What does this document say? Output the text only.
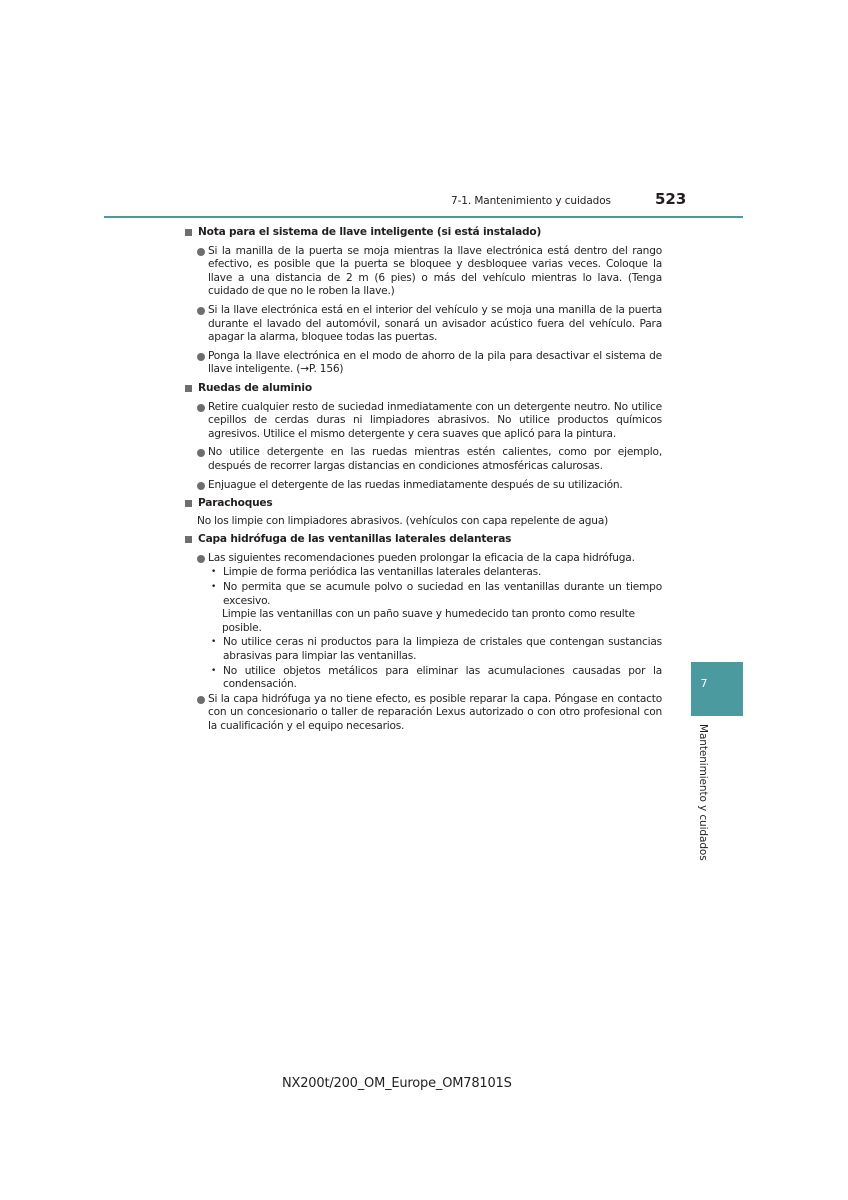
7-1. Mantenimiento y cuidados	523
Nota para el sistema de llave inteligente (si está instalado)
Si la manilla de la puerta se moja mientras la llave electrónica está dentro del rango efectivo, es posible que la puerta se bloquee y desbloquee varias veces. Coloque la llave a una distancia de 2 m (6 pies) o más del vehículo mientras lo lava. (Tenga cuidado de que no le roben la llave.)
Si la llave electrónica está en el interior del vehículo y se moja una manilla de la puerta durante el lavado del automóvil, sonará un avisador acústico fuera del vehículo. Para apagar la alarma, bloquee todas las puertas.
Ponga la llave electrónica en el modo de ahorro de la pila para desactivar el sistema de llave inteligente. (→P. 156)
Ruedas de aluminio
Retire cualquier resto de suciedad inmediatamente con un detergente neutro. No utilice cepillos de cerdas duras ni limpiadores abrasivos. No utilice productos químicos agresivos. Utilice el mismo detergente y cera suaves que aplicó para la pintura.
No utilice detergente en las ruedas mientras estén calientes, como por ejemplo, después de recorrer largas distancias en condiciones atmosféricas calurosas.
Enjuague el detergente de las ruedas inmediatamente después de su utilización.
Parachoques
No los limpie con limpiadores abrasivos. (vehículos con capa repelente de agua)
Capa hidrófuga de las ventanillas laterales delanteras
Las siguientes recomendaciones pueden prolongar la eficacia de la capa hidrófuga.
• Limpie de forma periódica las ventanillas laterales delanteras.
• No permita que se acumule polvo o suciedad en las ventanillas durante un tiempo excesivo.
Limpie las ventanillas con un paño suave y humedecido tan pronto como resulte posible.
• No utilice ceras ni productos para la limpieza de cristales que contengan sustancias abrasivas para limpiar las ventanillas.
• No utilice objetos metálicos para eliminar las acumulaciones causadas por la condensación.
Si la capa hidrófuga ya no tiene efecto, es posible reparar la capa. Póngase en contacto con un concesionario o taller de reparación Lexus autorizado o con otro profesional con la cualificación y el equipo necesarios.
7
Mantenimiento y cuidados
NX200t/200_OM_Europe_OM78101S
